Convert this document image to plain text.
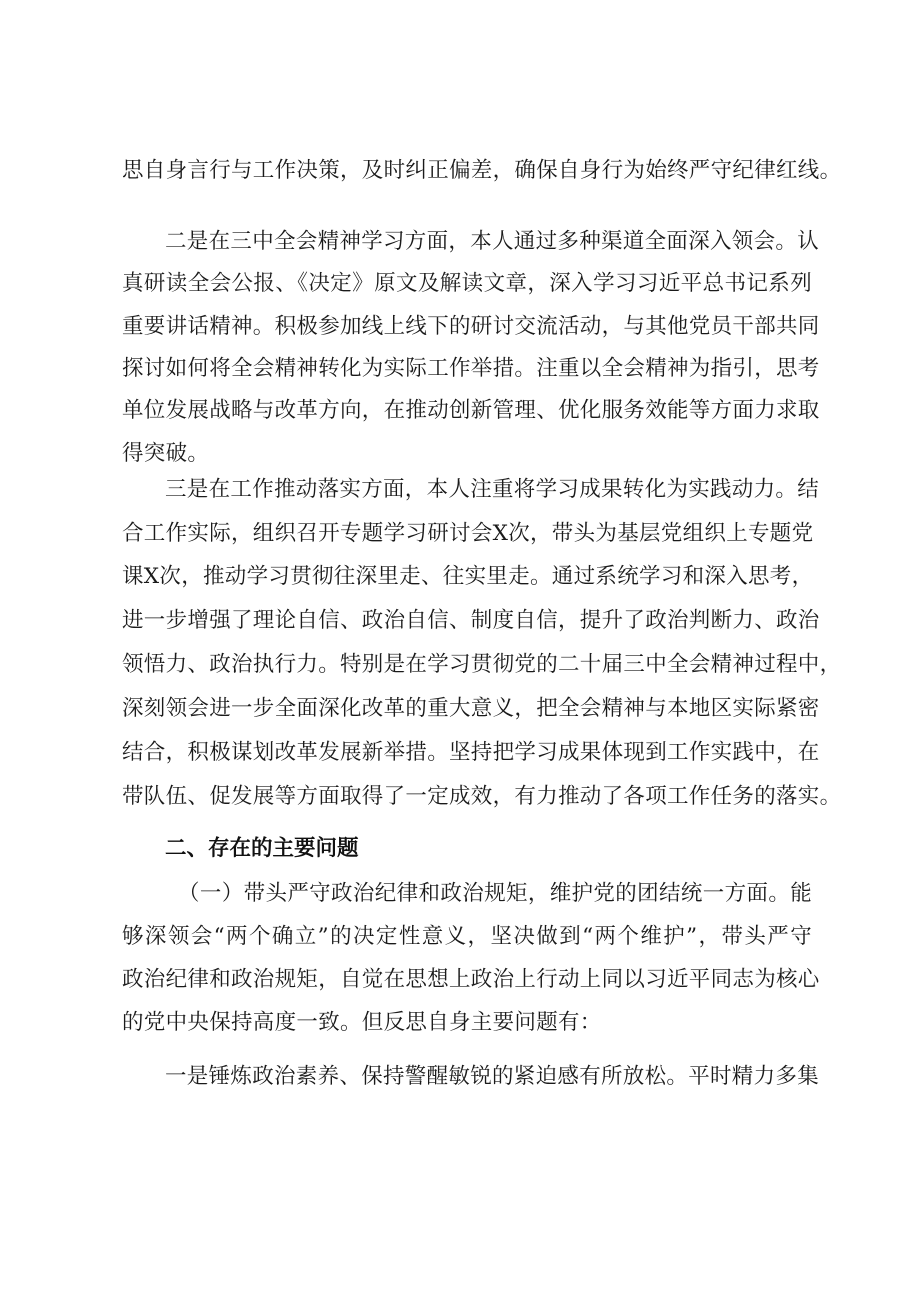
思自身言行与工作决策，及时纠正偏差，确保自身行为始终严守纪律红线。
二是在三中全会精神学习方面，本人通过多种渠道全面深入领会。认
真研读全会公报、《决定》原文及解读文章，深入学习习近平总书记系列
重要讲话精神。积极参加线上线下的研讨交流活动，与其他党员干部共同
探讨如何将全会精神转化为实际工作举措。注重以全会精神为指引，思考
单位发展战略与改革方向，在推动创新管理、优化服务效能等方面力求取
得突破。
三是在工作推动落实方面，本人注重将学习成果转化为实践动力。结
合工作实际，组织召开专题学习研讨会X次，带头为基层党组织上专题党
课X次，推动学习贯彻往深里走、往实里走。通过系统学习和深入思考，
进一步增强了理论自信、政治自信、制度自信，提升了政治判断力、政治
领悟力、政治执行力。特别是在学习贯彻党的二十届三中全会精神过程中，
深刻领会进一步全面深化改革的重大意义，把全会精神与本地区实际紧密
结合，积极谋划改革发展新举措。坚持把学习成果体现到工作实践中，在
带队伍、促发展等方面取得了一定成效，有力推动了各项工作任务的落实。
二、存在的主要问题
（一）带头严守政治纪律和政治规矩，维护党的团结统一方面。能
够深领会“两个确立”的决定性意义，坚决做到“两个维护”，带头严守
政治纪律和政治规矩，自觉在思想上政治上行动上同以习近平同志为核心
的党中央保持高度一致。但反思自身主要问题有：
一是锤炼政治素养、保持警醒敏锐的紧迫感有所放松。平时精力多集
